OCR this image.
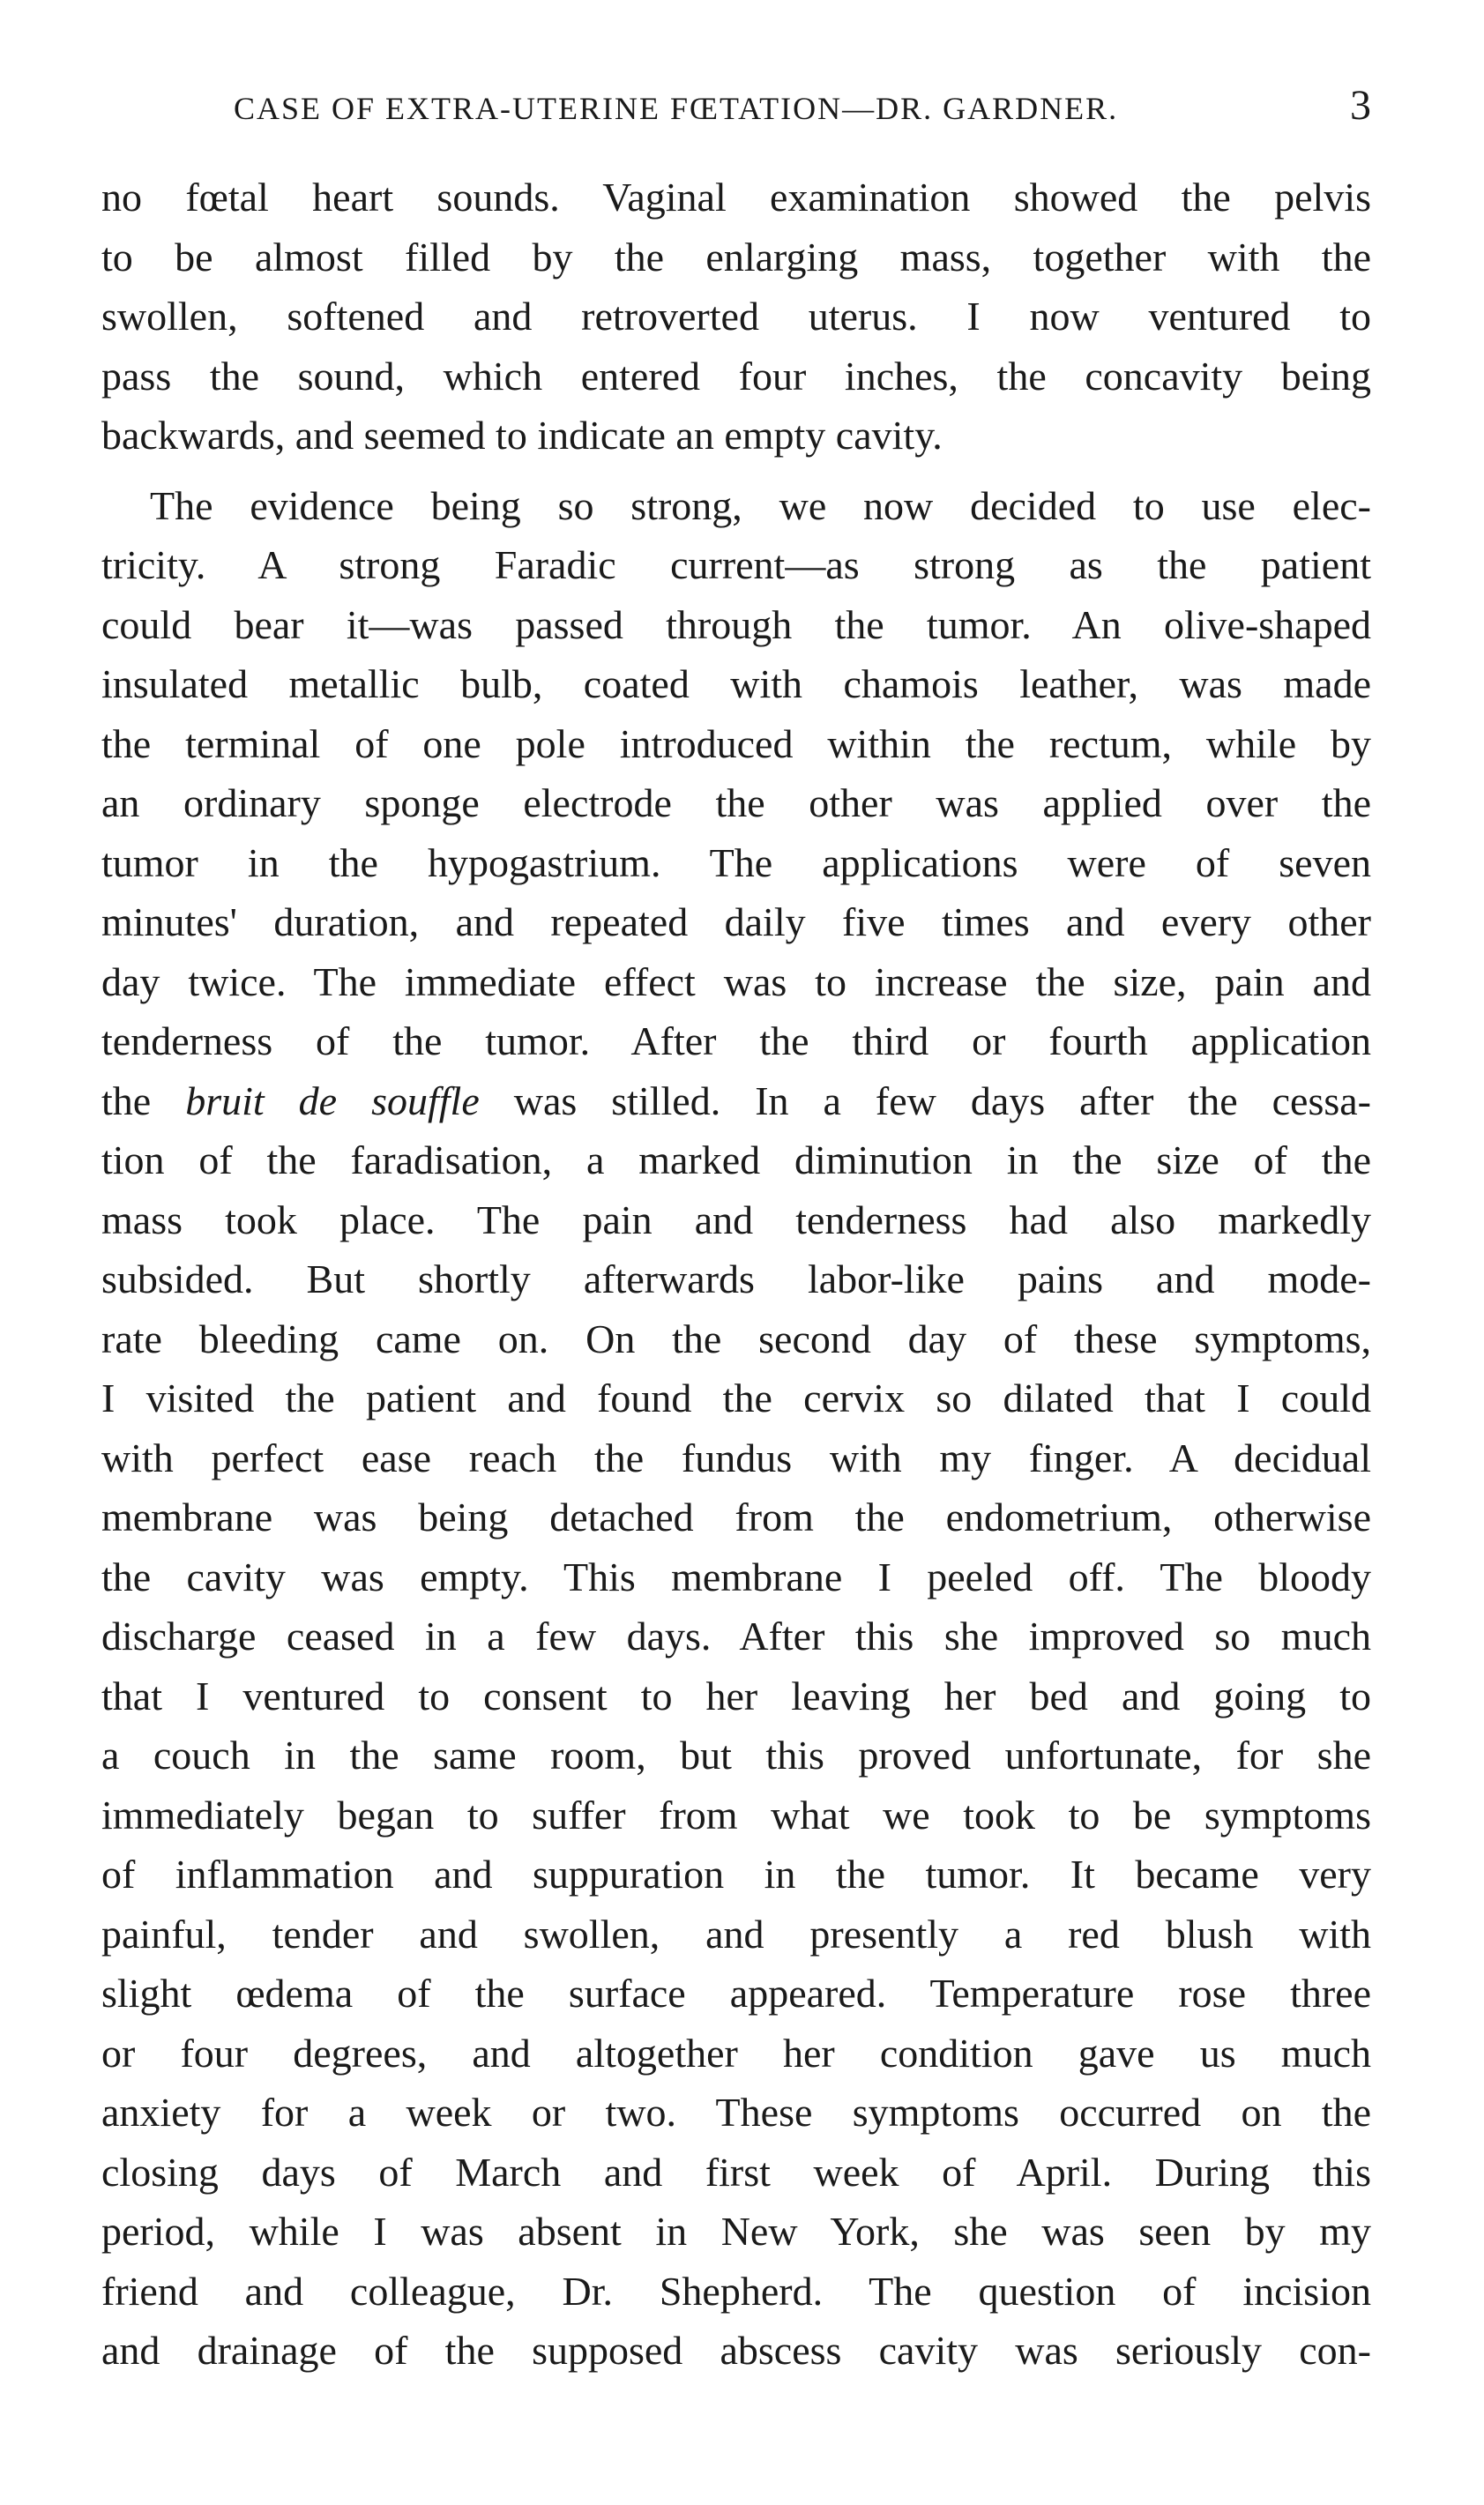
CASE OF EXTRA-UTERINE FŒTATION—DR. GARDNER.	3
no fœtal heart sounds. Vaginal examination showed the pelvis
to be almost filled by the enlarging mass, together with the
swollen, softened and retroverted uterus. I now ventured to
pass the sound, which entered four inches, the concavity being
backwards, and seemed to indicate an empty cavity.
The evidence being so strong, we now decided to use elec-
tricity. A strong Faradic current—as strong as the patient
could bear it—was passed through the tumor. An olive-shaped
insulated metallic bulb, coated with chamois leather, was made
the terminal of one pole introduced within the rectum, while by
an ordinary sponge electrode the other was applied over the
tumor in the hypogastrium. The applications were of seven
minutes' duration, and repeated daily five times and every other
day twice. The immediate effect was to increase the size, pain and
tenderness of the tumor. After the third or fourth application
the bruit de souffle was stilled. In a few days after the cessa-
tion of the faradisation, a marked diminution in the size of the
mass took place. The pain and tenderness had also markedly
subsided. But shortly afterwards labor-like pains and mode-
rate bleeding came on. On the second day of these symptoms,
I visited the patient and found the cervix so dilated that I could
with perfect ease reach the fundus with my finger. A decidual
membrane was being detached from the endometrium, otherwise
the cavity was empty. This membrane I peeled off. The bloody
discharge ceased in a few days. After this she improved so much
that I ventured to consent to her leaving her bed and going to
a couch in the same room, but this proved unfortunate, for she
immediately began to suffer from what we took to be symptoms
of inflammation and suppuration in the tumor. It became very
painful, tender and swollen, and presently a red blush with
slight œdema of the surface appeared. Temperature rose three
or four degrees, and altogether her condition gave us much
anxiety for a week or two. These symptoms occurred on the
closing days of March and first week of April. During this
period, while I was absent in New York, she was seen by my
friend and colleague, Dr. Shepherd. The question of incision
and drainage of the supposed abscess cavity was seriously con-
